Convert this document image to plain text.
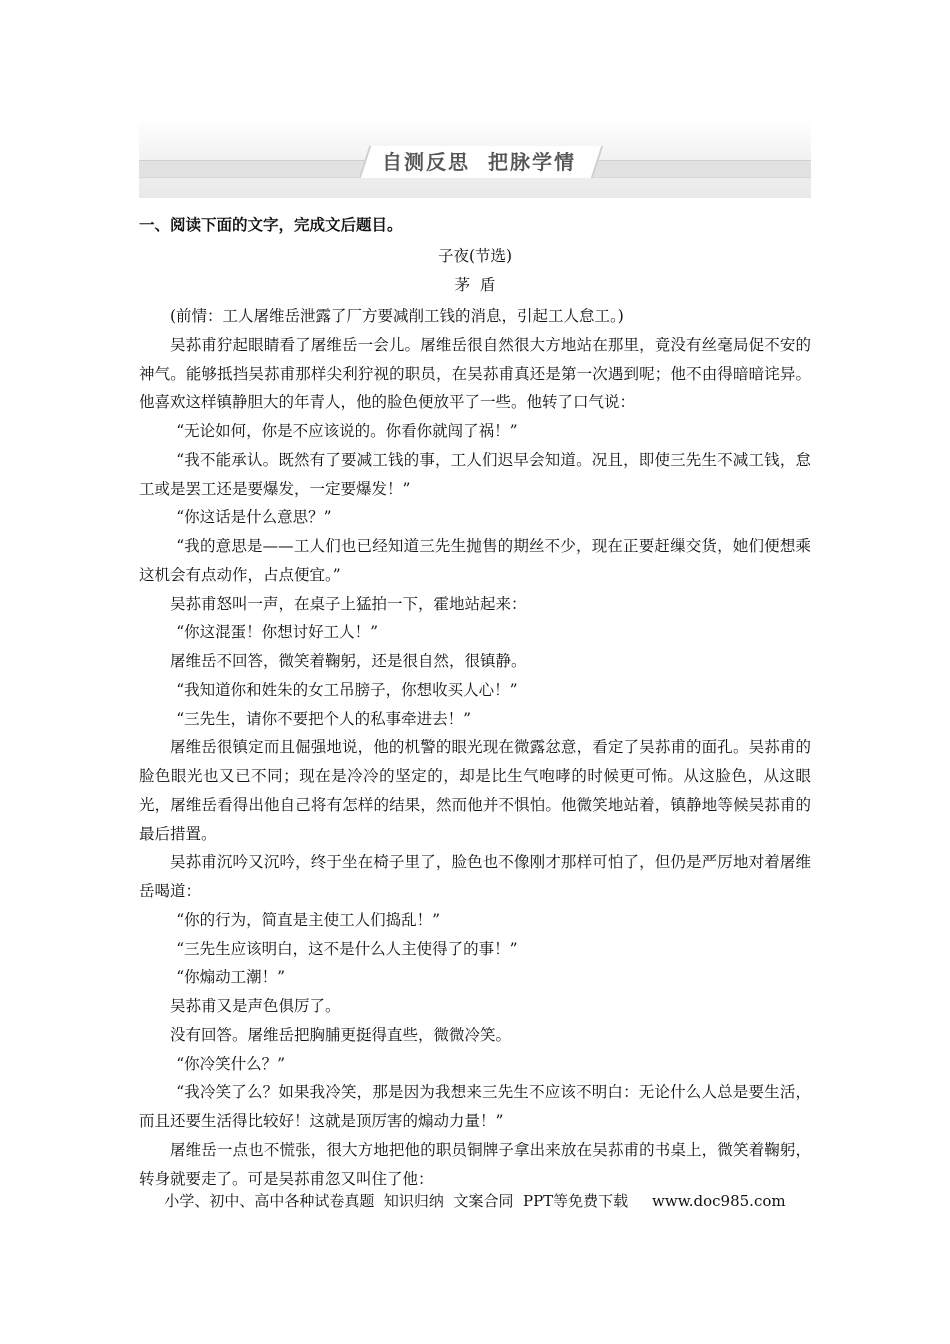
自测反思  把脉学情
一、阅读下面的文字，完成文后题目。
子夜(节选)
茅  盾

(前情：工人屠维岳泄露了厂方要减削工钱的消息，引起工人怠工。)

吴荪甫狞起眼睛看了屠维岳一会儿。屠维岳很自然很大方地站在那里，竟没有丝毫局促不安的神气。能够抵挡吴荪甫那样尖利狞视的职员，在吴荪甫真还是第一次遇到呢；他不由得暗暗诧异。他喜欢这样镇静胆大的年青人，他的脸色便放平了一些。他转了口气说：

“无论如何，你是不应该说的。你看你就闯了祸！”

“我不能承认。既然有了要减工钱的事，工人们迟早会知道。况且，即使三先生不减工钱，怠工或是罢工还是要爆发，一定要爆发！”

“你这话是什么意思？”

“我的意思是——工人们也已经知道三先生抛售的期丝不少，现在正要赶缫交货，她们便想乘这机会有点动作，占点便宜。”

吴荪甫怒叫一声，在桌子上猛拍一下，霍地站起来：

“你这混蛋！你想讨好工人！”

屠维岳不回答，微笑着鞠躬，还是很自然，很镇静。

“我知道你和姓朱的女工吊膀子，你想收买人心！”

“三先生，请你不要把个人的私事牵进去！”

屠维岳很镇定而且倔强地说，他的机警的眼光现在微露忿意，看定了吴荪甫的面孔。吴荪甫的脸色眼光也又已不同；现在是冷冷的坚定的，却是比生气咆哮的时候更可怖。从这脸色，从这眼光，屠维岳看得出他自己将有怎样的结果，然而他并不惧怕。他微笑地站着，镇静地等候吴荪甫的最后措置。

吴荪甫沉吟又沉吟，终于坐在椅子里了，脸色也不像刚才那样可怕了，但仍是严厉地对着屠维岳喝道：

“你的行为，简直是主使工人们捣乱！”

“三先生应该明白，这不是什么人主使得了的事！”

“你煽动工潮！”

吴荪甫又是声色俱厉了。

没有回答。屠维岳把胸脯更挺得直些，微微冷笑。

“你冷笑什么？”

“我冷笑了么？如果我冷笑，那是因为我想来三先生不应该不明白：无论什么人总是要生活，而且还要生活得比较好！这就是顶厉害的煽动力量！”

屠维岳一点也不慌张，很大方地把他的职员铜牌子拿出来放在吴荪甫的书桌上，微笑着鞠躬，转身就要走了。可是吴荪甫忽又叫住了他：

小学、初中、高中各种试卷真题  知识归纳  文案合同  PPT等免费下载     www.doc985.com
